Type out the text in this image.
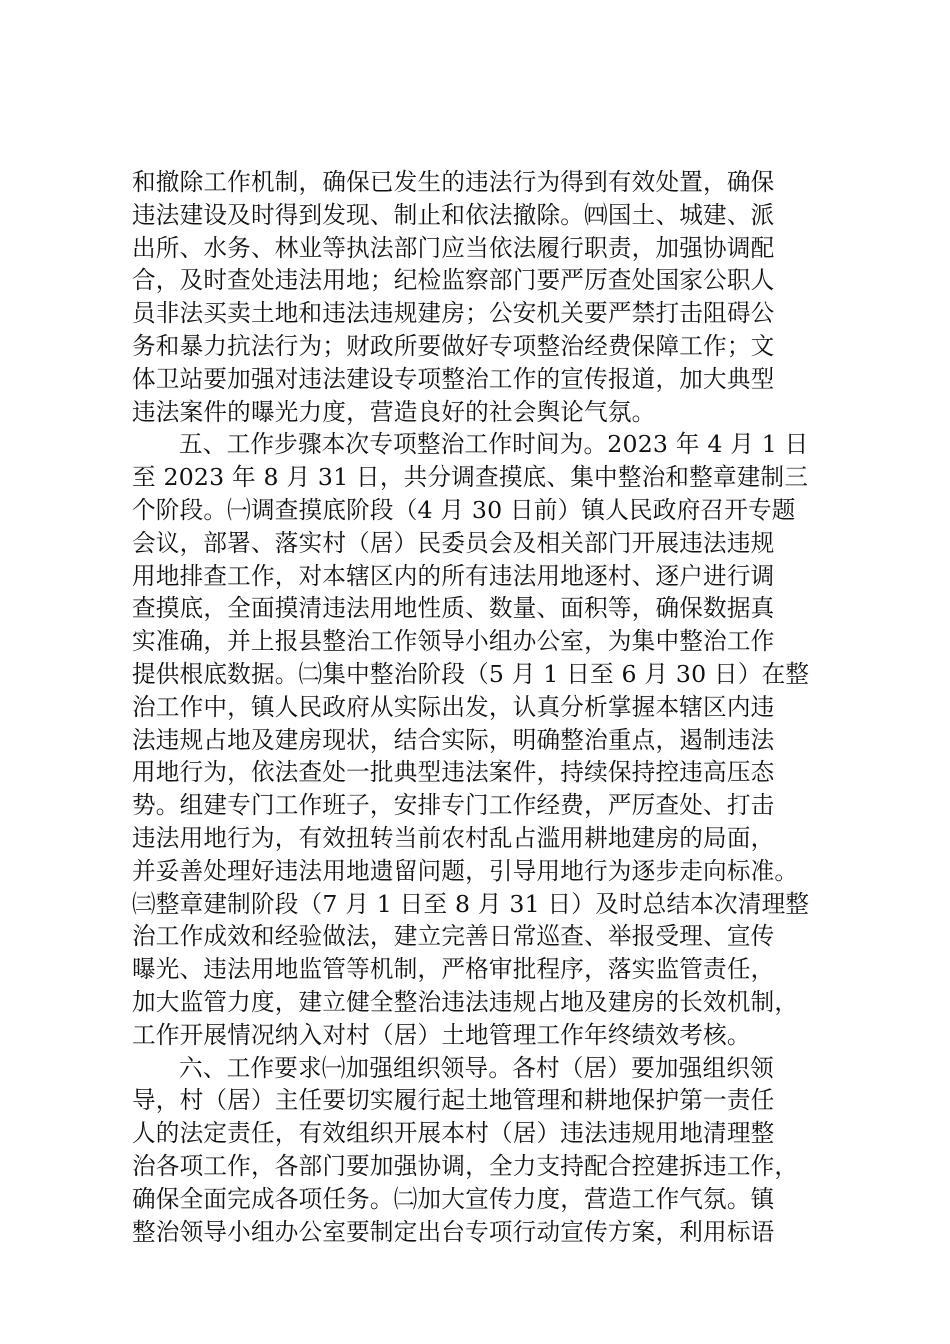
和撤除工作机制，确保已发生的违法行为得到有效处置，确保
违法建设及时得到发现、制止和依法撤除。㈣国土、城建、派
出所、水务、林业等执法部门应当依法履行职责，加强协调配
合，及时查处违法用地；纪检监察部门要严厉查处国家公职人
员非法买卖土地和违法违规建房；公安机关要严禁打击阻碍公
务和暴力抗法行为；财政所要做好专项整治经费保障工作；文
体卫站要加强对违法建设专项整治工作的宣传报道，加大典型
违法案件的曝光力度，营造良好的社会舆论气氛。
五、工作步骤本次专项整治工作时间为。2023 年 4 月 1 日
至 2023 年 8 月 31 日，共分调查摸底、集中整治和整章建制三
个阶段。㈠调查摸底阶段（4 月 30 日前）镇人民政府召开专题
会议，部署、落实村（居）民委员会及相关部门开展违法违规
用地排查工作，对本辖区内的所有违法用地逐村、逐户进行调
查摸底，全面摸清违法用地性质、数量、面积等，确保数据真
实准确，并上报县整治工作领导小组办公室，为集中整治工作
提供根底数据。㈡集中整治阶段（5 月 1 日至 6 月 30 日）在整
治工作中，镇人民政府从实际出发，认真分析掌握本辖区内违
法违规占地及建房现状，结合实际，明确整治重点，遏制违法
用地行为，依法查处一批典型违法案件，持续保持控违高压态
势。组建专门工作班子，安排专门工作经费，严厉查处、打击
违法用地行为，有效扭转当前农村乱占滥用耕地建房的局面，
并妥善处理好违法用地遗留问题，引导用地行为逐步走向标准。
㈢整章建制阶段（7 月 1 日至 8 月 31 日）及时总结本次清理整
治工作成效和经验做法，建立完善日常巡查、举报受理、宣传
曝光、违法用地监管等机制，严格审批程序，落实监管责任，
加大监管力度，建立健全整治违法违规占地及建房的长效机制，
工作开展情况纳入对村（居）土地管理工作年终绩效考核。
六、工作要求㈠加强组织领导。各村（居）要加强组织领
导，村（居）主任要切实履行起土地管理和耕地保护第一责任
人的法定责任，有效组织开展本村（居）违法违规用地清理整
治各项工作，各部门要加强协调，全力支持配合控建拆违工作，
确保全面完成各项任务。㈡加大宣传力度，营造工作气氛。镇
整治领导小组办公室要制定出台专项行动宣传方案，利用标语
